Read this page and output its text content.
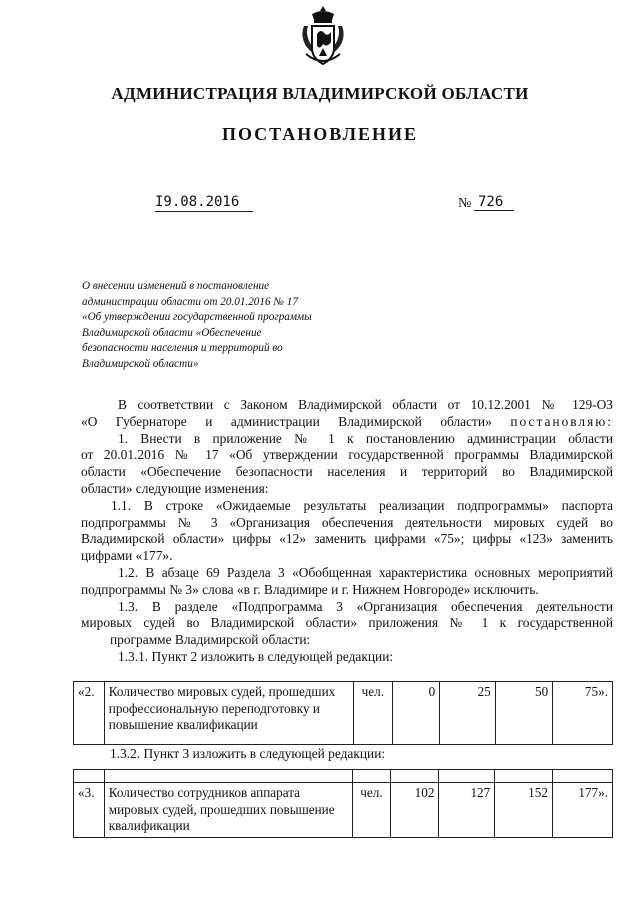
АДМИНИСТРАЦИЯ ВЛАДИМИРСКОЙ ОБЛАСТИ
ПОСТАНОВЛЕНИЕ
I9.08.2016	№ 726
О внесении изменений в постановление
администрации области от 20.01.2016 № 17
«Об утверждении государственной программы
Владимирской области «Обеспечение
безопасности населения и территорий во
Владимирской области»
В соответствии с Законом Владимирской области от 10.12.2001 № 129-ОЗ
«О Губернаторе и администрации Владимирской области» постановляю:
1. Внести в приложение № 1 к постановлению администрации области
от 20.01.2016 № 17 «Об утверждении государственной программы Владимирской
области «Обеспечение безопасности населения и территорий во Владимирской
области» следующие изменения:
1.1. В строке «Ожидаемые результаты реализации подпрограммы» паспорта
подпрограммы № 3 «Организация обеспечения деятельности мировых судей во
Владимирской области» цифры «12» заменить цифрами «75»; цифры «123» заменить
цифрами «177».
1.2. В абзаце 69 Раздела 3 «Обобщенная характеристика основных мероприятий
подпрограммы № 3» слова «в г. Владимире и г. Нижнем Новгороде» исключить.
1.3. В разделе «Подпрограмма 3 «Организация обеспечения деятельности
мировых судей во Владимирской области» приложения № 1 к государственной
программе Владимирской области:
1.3.1. Пункт 2 изложить в следующей редакции:
«2.	Количество мировых судей, прошедших профессиональную переподготовку и повышение квалификации	чел.	0	25	50	75».
1.3.2. Пункт 3 изложить в следующей редакции:

«3.	Количество сотрудников аппарата мировых судей, прошедших повышение квалификации	чел.	102	127	152	177».
